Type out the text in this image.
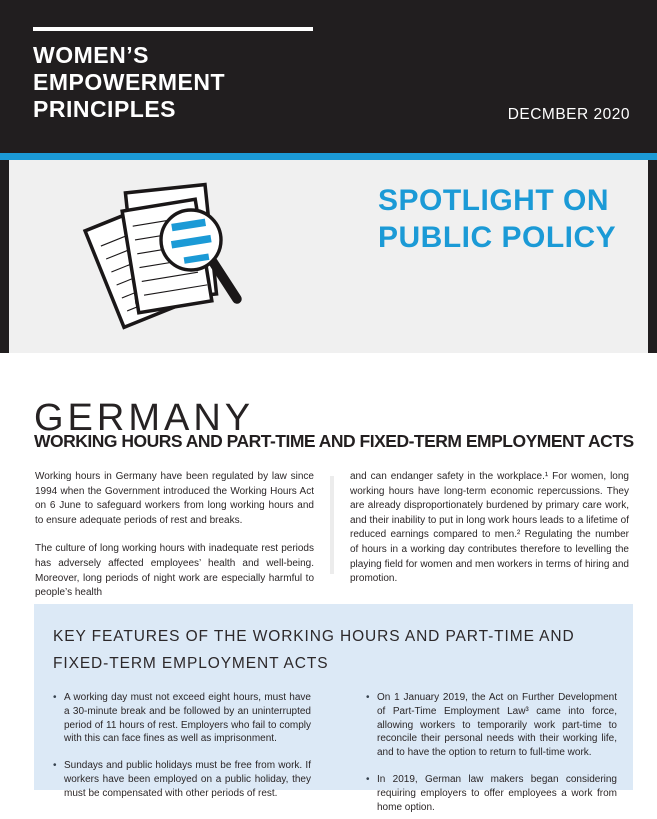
WOMEN’S
EMPOWERMENT
PRINCIPLES	DECMBER 2020
SPOTLIGHT ON
PUBLIC POLICY
GERMANY
WORKING HOURS AND PART-TIME AND FIXED-TERM EMPLOYMENT ACTS

Working hours in Germany have been regulated by law since 1994 when the Government introduced the Working Hours Act on 6 June to safeguard workers from long working hours and to ensure adequate periods of rest and breaks.

The culture of long working hours with inadequate rest periods has adversely affected employees’ health and well-being. Moreover, long periods of night work are especially harmful to people’s health

and can endanger safety in the workplace.¹ For women, long working hours have long-term economic repercussions. They are already disproportionately burdened by primary care work, and their inability to put in long work hours leads to a lifetime of reduced earnings compared to men.² Regulating the number of hours in a working day contributes therefore to levelling the playing field for women and men workers in terms of hiring and promotion.

KEY FEATURES OF THE WORKING HOURS AND PART-TIME AND FIXED-TERM EMPLOYMENT ACTS
• A working day must not exceed eight hours, must have a 30-minute break and be followed by an uninterrupted period of 11 hours of rest. Employers who fail to comply with this can face fines as well as imprisonment.
• Sundays and public holidays must be free from work. If workers have been employed on a public holiday, they must be compensated with other periods of rest.
• On 1 January 2019, the Act on Further Development of Part-Time Employment Law³ came into force, allowing workers to temporarily work part-time to reconcile their personal needs with their working life, and to have the option to return to full-time work.
• In 2019, German law makers began considering requiring employers to offer employees a work from home option.
